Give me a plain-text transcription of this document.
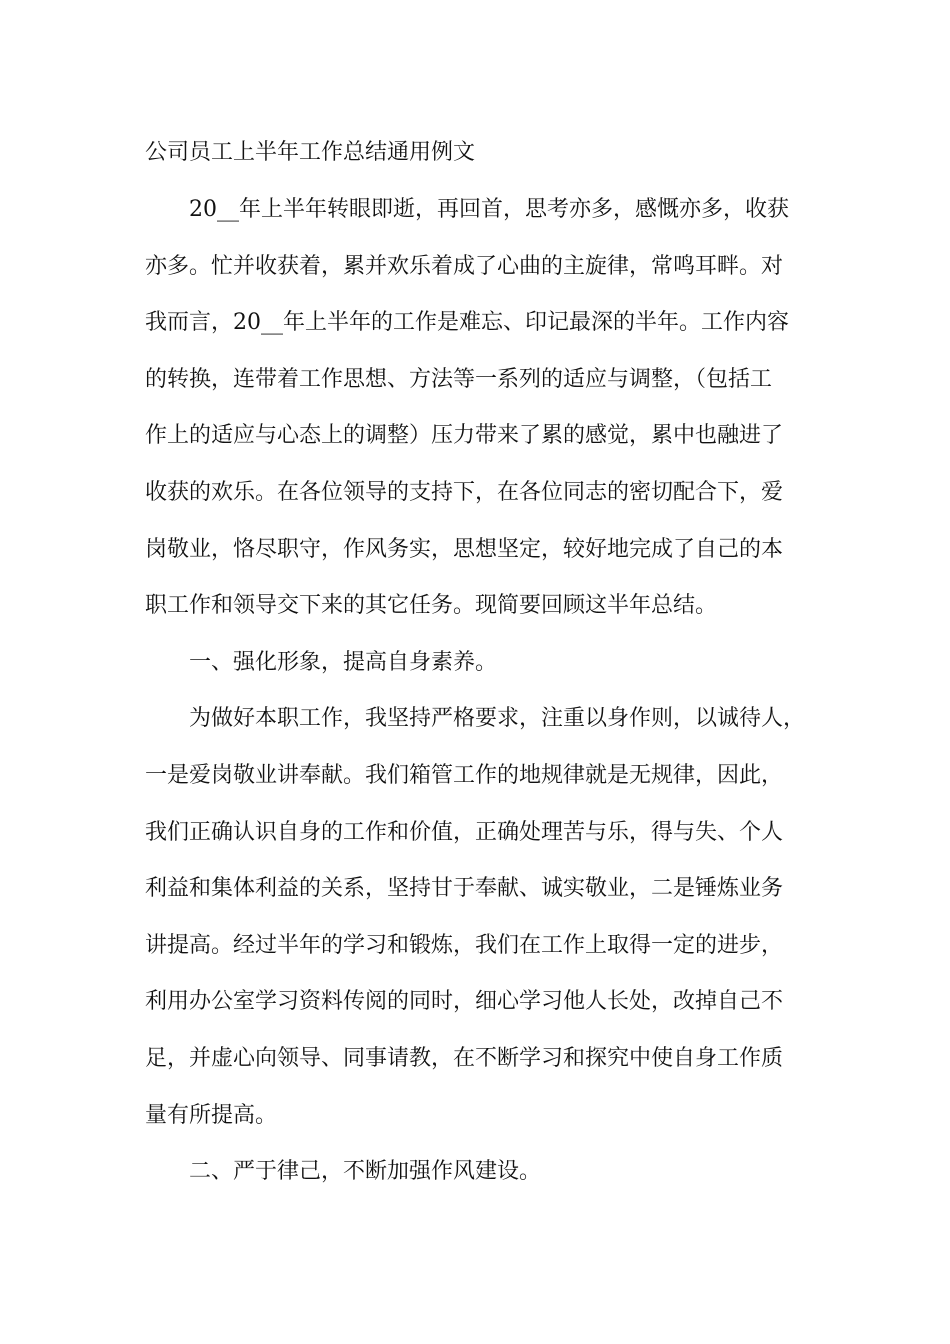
公司员工上半年工作总结通用例文
20__年上半年转眼即逝，再回首，思考亦多，感慨亦多，收获
亦多。忙并收获着，累并欢乐着成了心曲的主旋律，常鸣耳畔。对
我而言，20__年上半年的工作是难忘、印记最深的半年。工作内容
的转换，连带着工作思想、方法等一系列的适应与调整，（包括工
作上的适应与心态上的调整）压力带来了累的感觉，累中也融进了
收获的欢乐。在各位领导的支持下，在各位同志的密切配合下，爱
岗敬业，恪尽职守，作风务实，思想坚定，较好地完成了自己的本
职工作和领导交下来的其它任务。现简要回顾这半年总结。
一、强化形象，提高自身素养。
为做好本职工作，我坚持严格要求，注重以身作则，以诚待人，
一是爱岗敬业讲奉献。我们箱管工作的地规律就是无规律，因此，
我们正确认识自身的工作和价值，正确处理苦与乐，得与失、个人
利益和集体利益的关系，坚持甘于奉献、诚实敬业，二是锤炼业务
讲提高。经过半年的学习和锻炼，我们在工作上取得一定的进步，
利用办公室学习资料传阅的同时，细心学习他人长处，改掉自己不
足，并虚心向领导、同事请教，在不断学习和探究中使自身工作质
量有所提高。
二、严于律己，不断加强作风建设。
